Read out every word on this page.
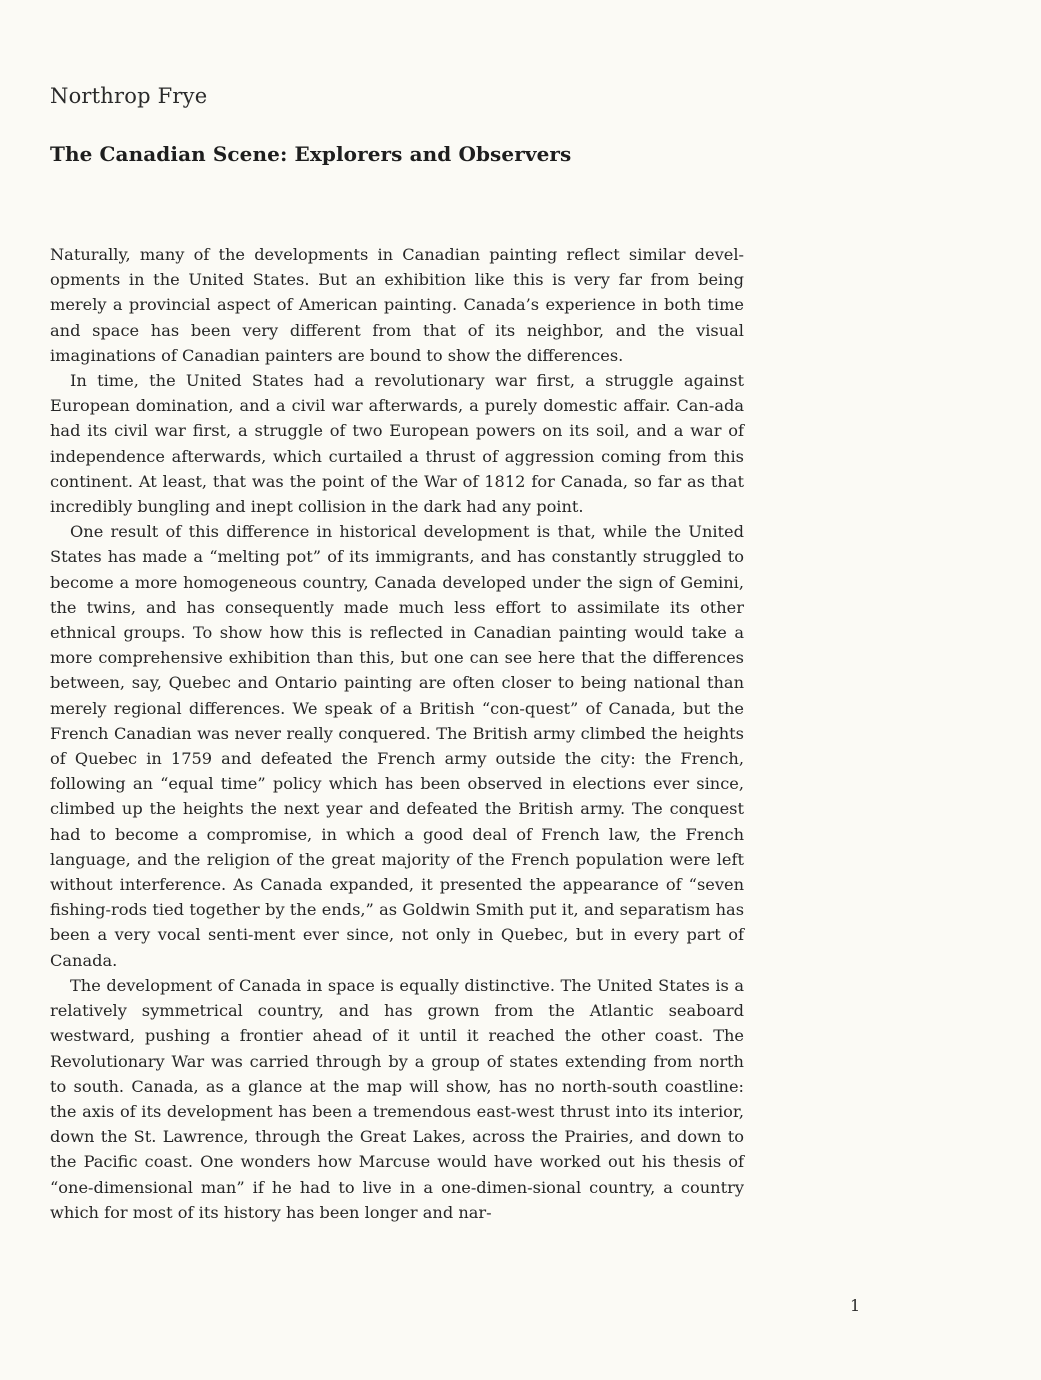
Northrop Frye
The Canadian Scene: Explorers and Observers

Naturally, many of the developments in Canadian painting reflect similar devel-opments in the United States. But an exhibition like this is very far from being merely a provincial aspect of American painting. Canada’s experience in both time and space has been very different from that of its neighbor, and the visual imaginations of Canadian painters are bound to show the differences.

In time, the United States had a revolutionary war first, a struggle against European domination, and a civil war afterwards, a purely domestic affair. Can-ada had its civil war first, a struggle of two European powers on its soil, and a war of independence afterwards, which curtailed a thrust of aggression coming from this continent. At least, that was the point of the War of 1812 for Canada, so far as that incredibly bungling and inept collision in the dark had any point.

One result of this difference in historical development is that, while the United States has made a “melting pot” of its immigrants, and has constantly struggled to become a more homogeneous country, Canada developed under the sign of Gemini, the twins, and has consequently made much less effort to assimilate its other ethnical groups. To show how this is reflected in Canadian painting would take a more comprehensive exhibition than this, but one can see here that the differences between, say, Quebec and Ontario painting are often closer to being national than merely regional differences. We speak of a British “con-quest” of Canada, but the French Canadian was never really conquered. The British army climbed the heights of Quebec in 1759 and defeated the French army outside the city: the French, following an “equal time” policy which has been observed in elections ever since, climbed up the heights the next year and defeated the British army. The conquest had to become a compromise, in which a good deal of French law, the French language, and the religion of the great majority of the French population were left without interference. As Canada expanded, it presented the appearance of “seven fishing-rods tied together by the ends,” as Goldwin Smith put it, and separatism has been a very vocal senti-ment ever since, not only in Quebec, but in every part of Canada.

The development of Canada in space is equally distinctive. The United States is a relatively symmetrical country, and has grown from the Atlantic seaboard westward, pushing a frontier ahead of it until it reached the other coast. The Revolutionary War was carried through by a group of states extending from north to south. Canada, as a glance at the map will show, has no north-south coastline: the axis of its development has been a tremendous east-west thrust into its interior, down the St. Lawrence, through the Great Lakes, across the Prairies, and down to the Pacific coast. One wonders how Marcuse would have worked out his thesis of “one-dimensional man” if he had to live in a one-dimen-sional country, a country which for most of its history has been longer and nar-

1
